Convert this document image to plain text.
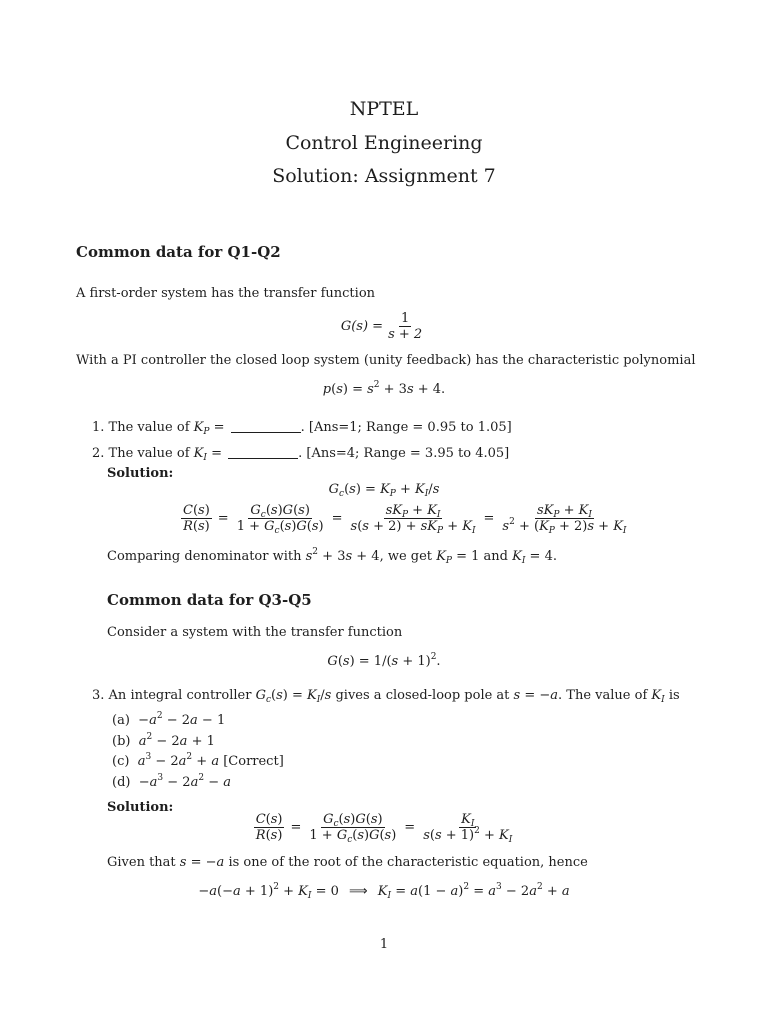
NPTEL
Control Engineering
Solution: Assignment 7
Common data for Q1-Q2
A first-order system has the transfer function
$G(s) = \frac{1}{s + 2}$
With a PI controller the closed loop system (unity feedback) has the characteristic polynomial
$p(s) = s^2 + 3s + 4$.
1. The value of $K_P$ =	. [Ans=1; Range = 0.95 to 1.05]
2. The value of $K_I$ =	. [Ans=4; Range = 3.95 to 4.05]
Solution:
$G_c(s) = K_P + K_I/s$
$\frac{C(s)}{R(s)} = \frac{G_c(s)G(s)}{1 + G_c(s)G(s)} = \frac{sK_P + K_I}{s(s + 2) + sK_P + K_I} = \frac{sK_P + K_I}{s^2 + (K_P + 2)s + K_I}$
Comparing denominator with $s^2 + 3s + 4$, we get $K_P = 1$ and $K_I = 4$.
Common data for Q3-Q5
Consider a system with the transfer function
$G(s) = 1/(s + 1)^2$.
3. An integral controller $G_c(s) = K_I/s$ gives a closed-loop pole at s = −a. The value of $K_I$ is
$(a) -a^2 - 2a - 1$
(b) $a^2 - 2a + 1$
(c) $a^3 - 2a^2 + a$ [Correct]
$(d) -a^3 - 2a^2 - a$
Solution:
$\frac{C(s)}{R(s)} = \frac{G_c(s)G(s)}{1 + G_c(s)G(s)} = \frac{K_I}{s(s + 1)^2 + K_I}$
Given that s = −a is one of the root of the characteristic equation, hence
$-a(-a + 1)^2 + K_I = 0$ ⟹ $K_I = a(1 - a)^2 = a^3 - 2a^2 + a$
1
